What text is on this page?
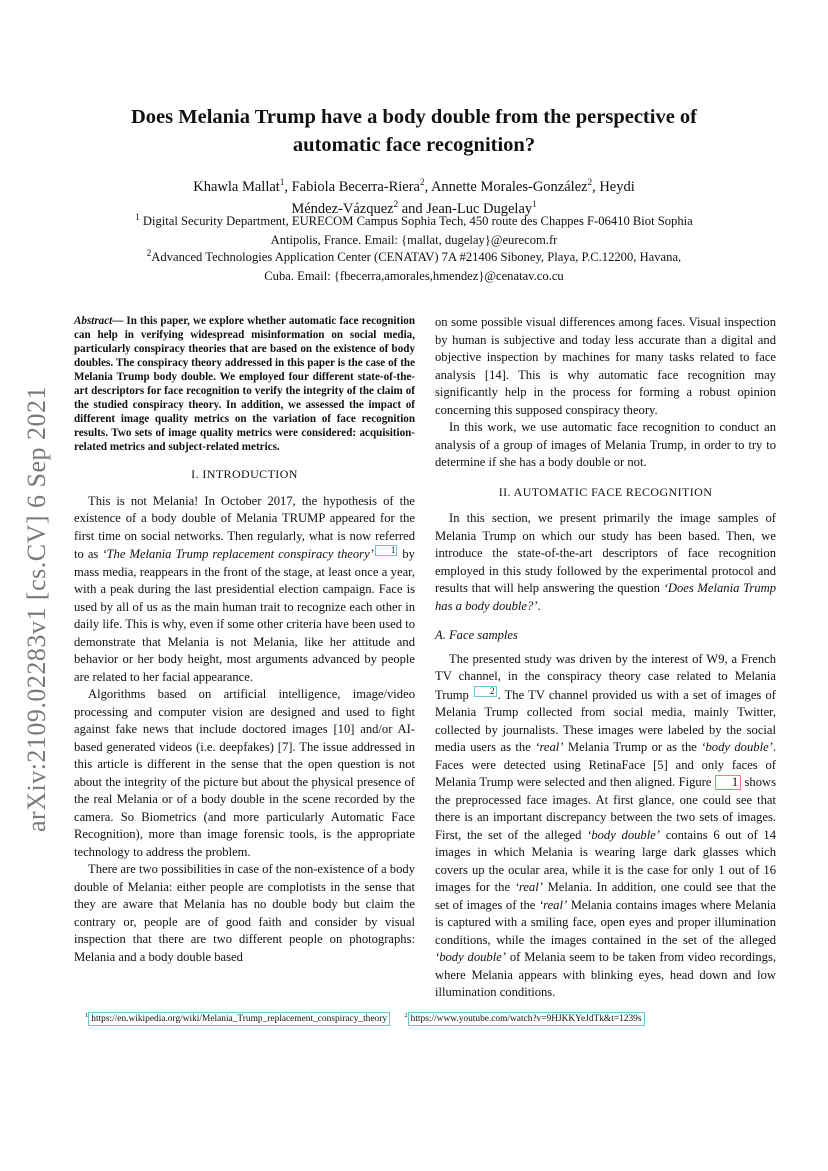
arXiv:2109.02283v1 [cs.CV] 6 Sep 2021
Does Melania Trump have a body double from the perspective of
automatic face recognition?
Khawla Mallat$^1$, Fabiola Becerra-Riera$^2$, Annette Morales-González$^2$, Heydi
Méndez-Vázquez$^2$ and Jean-Luc Dugelay$^1$
$^1$ Digital Security Department, EURECOM Campus Sophia Tech, 450 route des Chappes F-06410 Biot Sophia
Antipolis, France. Email: {mallat, dugelay}@eurecom.fr
$^2$Advanced Technologies Application Center (CENATAV) 7A #21406 Siboney, Playa, P.C.12200, Havana,
Cuba. Email: {fbecerra,amorales,hmendez}@cenatav.co.cu
Abstract— In this paper, we explore whether automatic face recognition can help in verifying widespread misinformation on social media, particularly conspiracy theories that are based on the existence of body doubles. The conspiracy theory addressed in this paper is the case of the Melania Trump body double. We employed four different state-of-the-art descriptors for face recognition to verify the integrity of the claim of the studied conspiracy theory. In addition, we assessed the impact of different image quality metrics on the variation of face recognition results. Two sets of image quality metrics were considered: acquisition-related metrics and subject-related metrics.
I. INTRODUCTION

This is not Melania! In October 2017, the hypothesis of the existence of a body double of Melania TRUMP appeared for the first time on social networks. Then regularly, what is now referred to as ‘The Melania Trump replacement conspiracy theory’ 1 by mass media, reappears in the front of the stage, at least once a year, with a peak during the last presidential election campaign. Face is used by all of us as the main human trait to recognize each other in daily life. This is why, even if some other criteria have been used to demonstrate that Melania is not Melania, like her attitude and behavior or her body height, most arguments advanced by people are related to her facial appearance.

Algorithms based on artificial intelligence, image/video processing and computer vision are designed and used to fight against fake news that include doctored images [10] and/or AI-based generated videos (i.e. deepfakes) [7]. The issue addressed in this article is different in the sense that the open question is not about the integrity of the picture but about the physical presence of the real Melania or of a body double in the scene recorded by the camera. So Biometrics (and more particularly Automatic Face Recognition), more than image forensic tools, is the appropriate technology to address the problem.

There are two possibilities in case of the non-existence of a body double of Melania: either people are complotists in the sense that they are aware that Melania has no double body but claim the contrary or, people are of good faith and consider by visual inspection that there are two different people on photographs: Melania and a body double based

on some possible visual differences among faces. Visual inspection by human is subjective and today less accurate than a digital and objective inspection by machines for many tasks related to face analysis [14]. This is why automatic face recognition may significantly help in the process for forming a robust opinion concerning this supposed conspiracy theory.

In this work, we use automatic face recognition to conduct an analysis of a group of images of Melania Trump, in order to try to determine if she has a body double or not.

II. AUTOMATIC FACE RECOGNITION

In this section, we present primarily the image samples of Melania Trump on which our study has been based. Then, we introduce the state-of-the-art descriptors of face recognition employed in this study followed by the experimental protocol and results that will help answering the question ‘Does Melania Trump has a body double?’.

A. Face samples

The presented study was driven by the interest of W9, a French TV channel, in the conspiracy theory case related to Melania Trump 2 . The TV channel provided us with a set of images of Melania Trump collected from social media, mainly Twitter, collected by journalists. These images were labeled by the social media users as the ‘real’ Melania Trump or as the ‘body double’. Faces were detected using RetinaFace [5] and only faces of Melania Trump were selected and then aligned. Figure 1 shows the preprocessed face images. At first glance, one could see that there is an important discrepancy between the two sets of images. First, the set of the alleged ‘body double’ contains 6 out of 14 images in which Melania is wearing large dark glasses which covers up the ocular area, while it is the case for only 1 out of 16 images for the ‘real’ Melania. In addition, one could see that the set of images of the ‘real’ Melania contains images where Melania is captured with a smiling face, open eyes and proper illumination conditions, while the images contained in the set of the alleged ‘body double’ of Melania seem to be taken from video recordings, where Melania appears with blinking eyes, head down and low illumination conditions.

$^1$ https://en.wikipedia.org/wiki/Melania_Trump_replacement_conspiracy_theory	$^2$ https://www.youtube.com/watch?v=9HJKKYeJdTk&t=1239s
